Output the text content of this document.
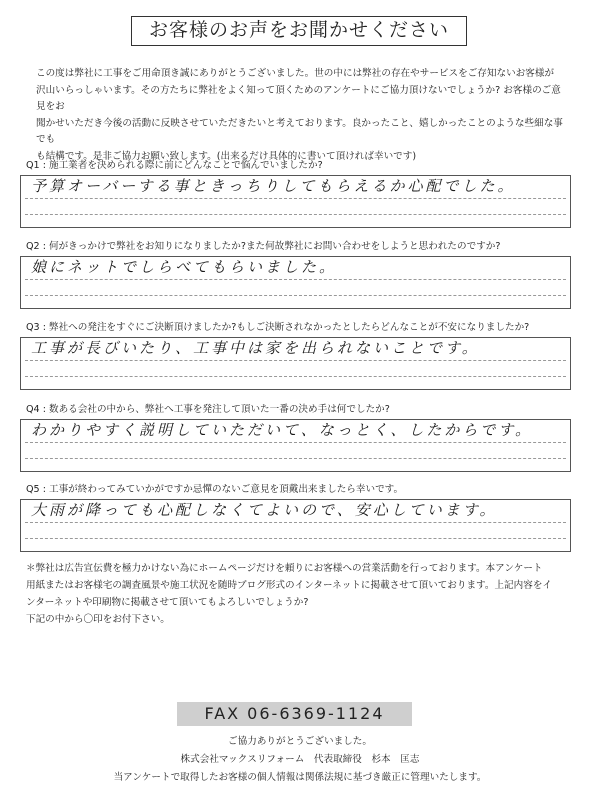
お客様のお声をお聞かせください

この度は弊社に工事をご用命頂き誠にありがとうございました。世の中には弊社の存在やサービスをご存知ないお客様が

沢山いらっしゃいます。その方たちに弊社をよく知って頂くためのアンケートにご協力頂けないでしょうか? お客様のご意見をお

聞かせいただき今後の活動に反映させていただきたいと考えております。良かったこと、嬉しかったことのような些細な事でも

も結構です。是非ご協力お願い致します。(出来るだけ具体的に書いて頂ければ幸いです)

Q1 : 施工業者を決められる際に前にどんなことで悩んでいましたか?
予算オーバーする事ときっちりしてもらえるか心配でした。
Q2 : 何がきっかけで弊社をお知りになりましたか?また何故弊社にお問い合わせをしようと思われたのですか?
娘にネットでしらべてもらいました。
Q3 : 弊社への発注をすぐにご決断頂けましたか?もしご決断されなかったとしたらどんなことが不安になりましたか?
工事が長びいたり、工事中は家を出られないことです。
Q4 : 数ある会社の中から、弊社へ工事を発注して頂いた一番の決め手は何でしたか?
わかりやすく説明していただいて、なっとく、したからです。
Q5 : 工事が終わってみていかがですか忌憚のないご意見を頂戴出来ましたら幸いです。
大雨が降っても心配しなくてよいので、安心しています。

＊弊社は広告宣伝費を極力かけない為にホームページだけを頼りにお客様への営業活動を行っております。本アンケート

用紙またはお客様宅の調査風景や施工状況を随時ブログ形式のインターネットに掲載させて頂いております。上記内容をイ

ンターネットや印刷物に掲載させて頂いてもよろしいでしょうか?

下記の中から〇印をお付下さい。

FAX 06-6369-1124
ご協力ありがとうございました。
株式会社マックスリフォーム　代表取締役　杉本　匡志
当アンケートで取得したお客様の個人情報は関係法規に基づき厳正に管理いたします。
